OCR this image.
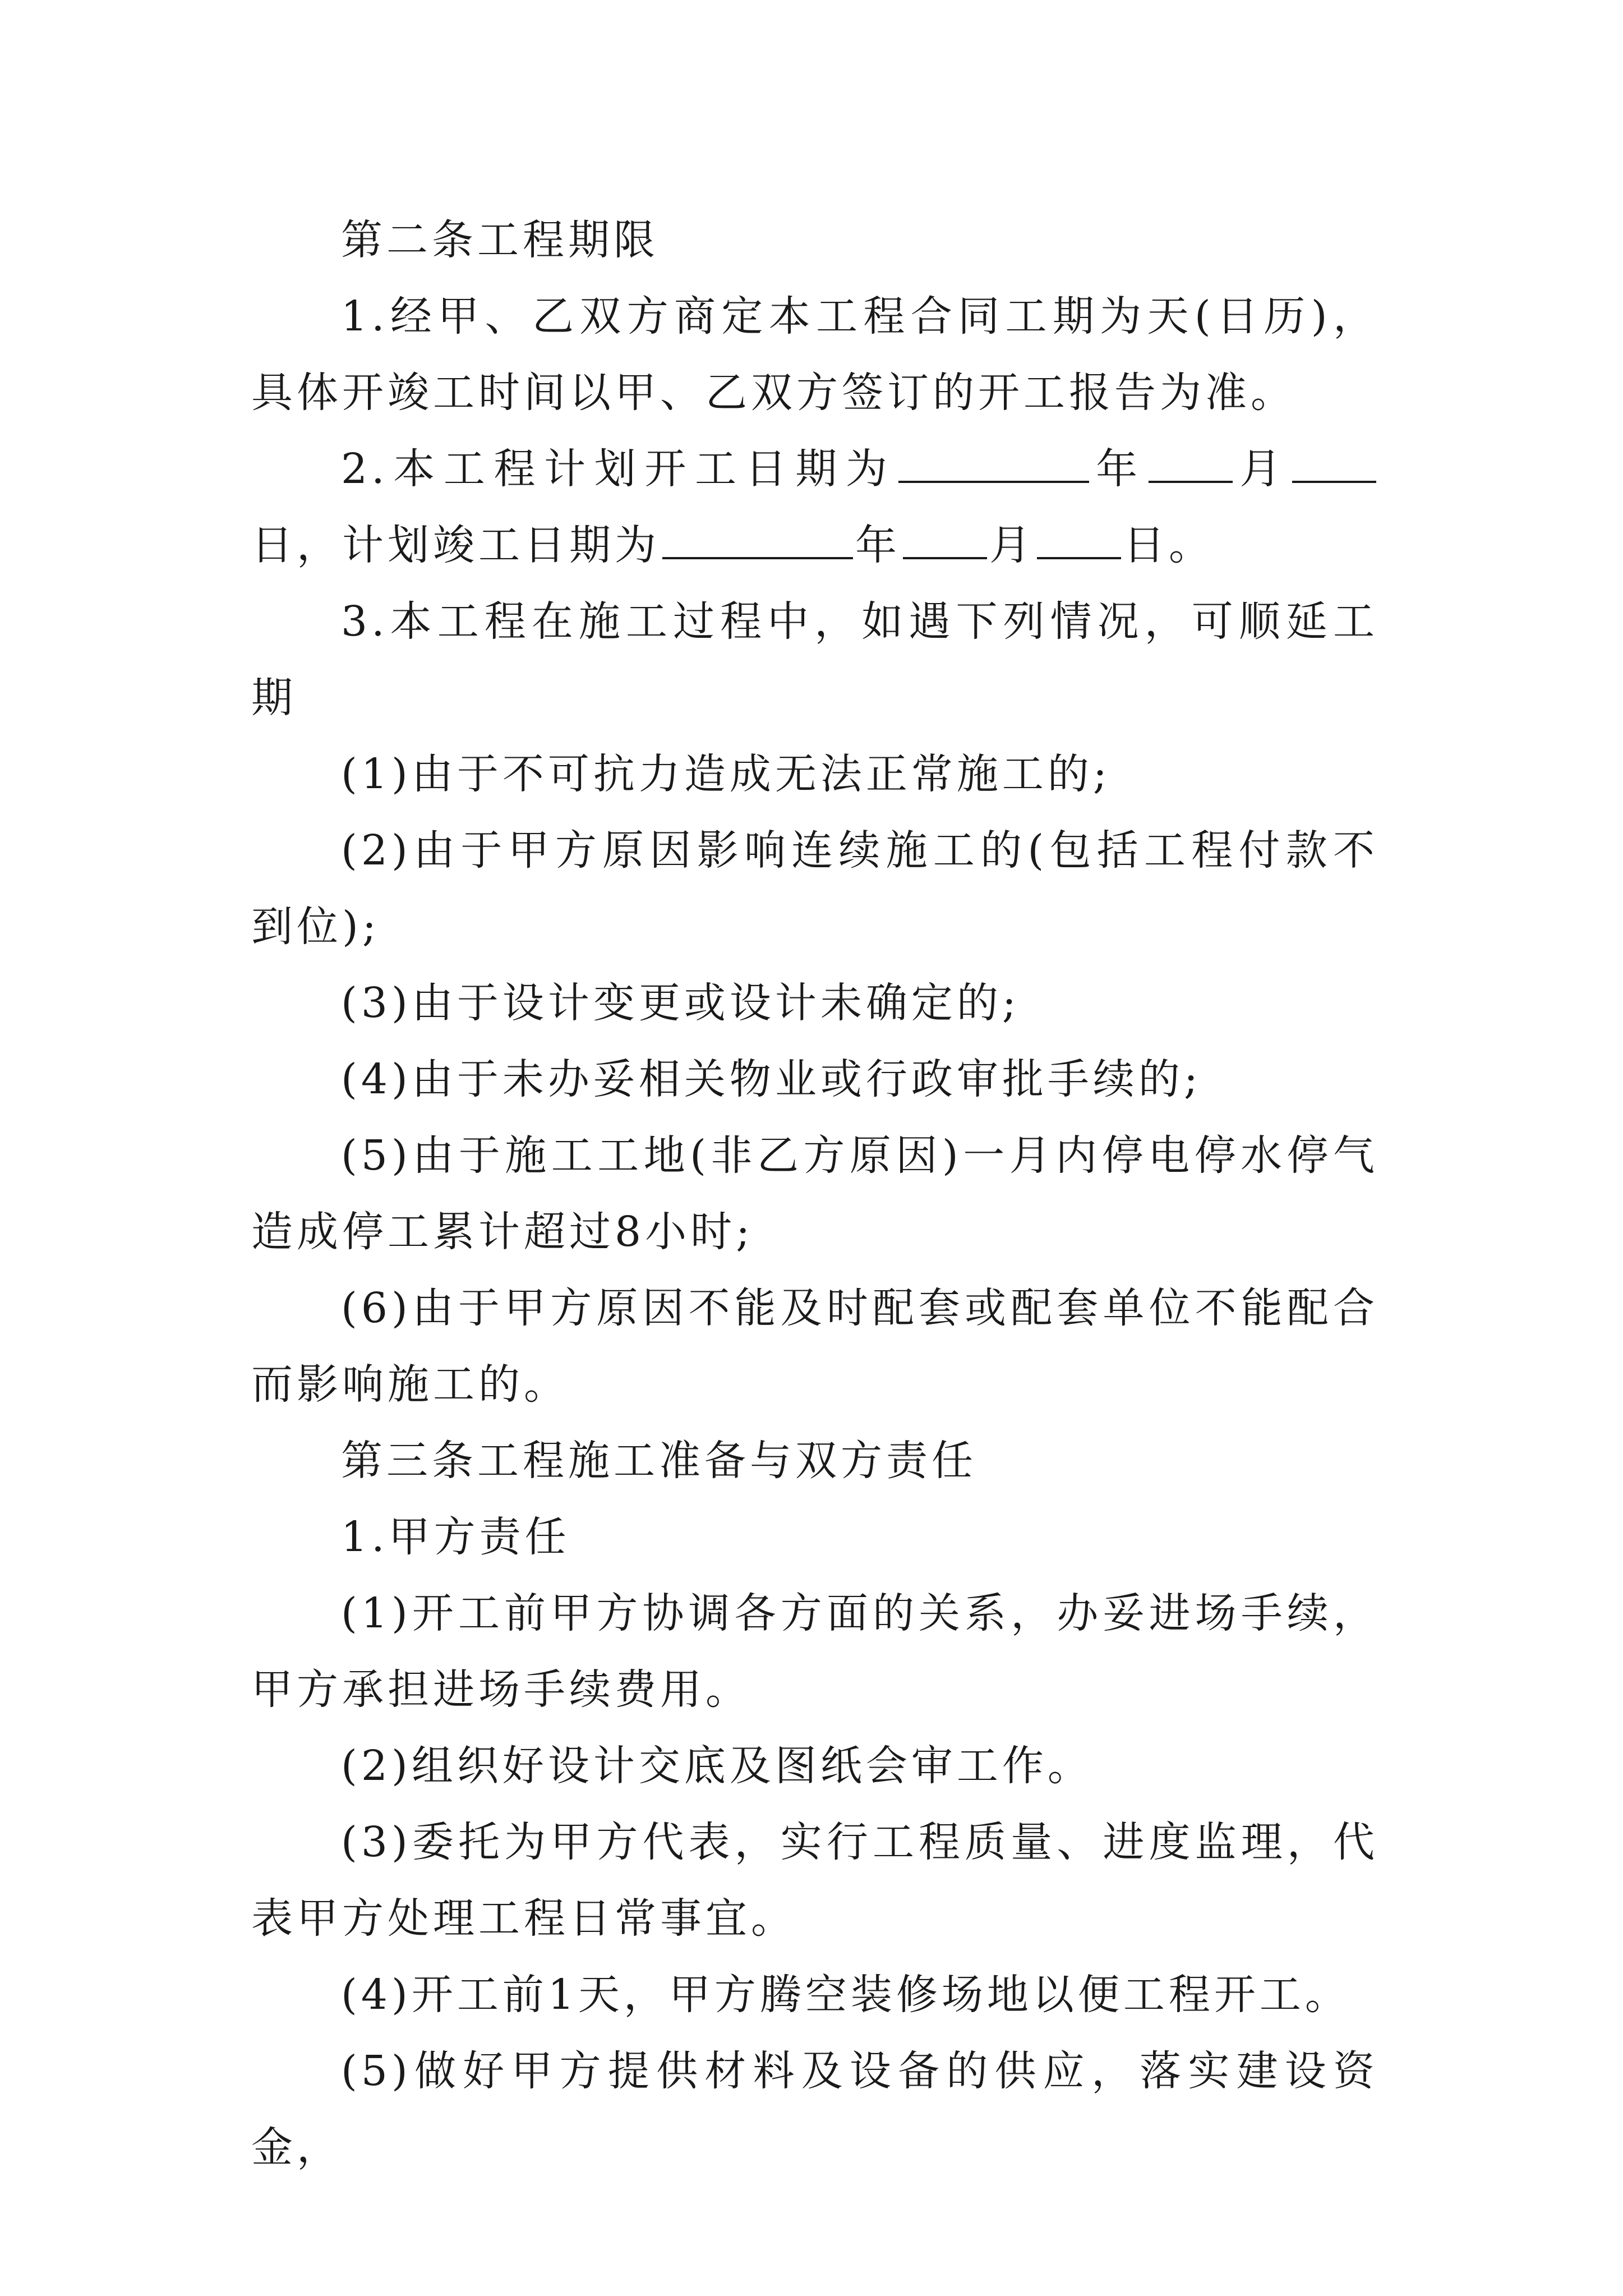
第二条工程期限

1.经甲、乙双方商定本工程合同工期为天(日历)，具体开竣工时间以甲、乙双方签订的开工报告为准。

2.本工程计划开工日期为	年 月日，计划竣工日期为	年 月 日。

3.本工程在施工过程中，如遇下列情况，可顺延工期

(1)由于不可抗力造成无法正常施工的;

(2)由于甲方原因影响连续施工的(包括工程付款不到位);

(3)由于设计变更或设计未确定的;

(4)由于未办妥相关物业或行政审批手续的;

(5)由于施工工地(非乙方原因)一月内停电停水停气造成停工累计超过8小时;

(6)由于甲方原因不能及时配套或配套单位不能配合而影响施工的。

第三条工程施工准备与双方责任

1.甲方责任

(1)开工前甲方协调各方面的关系，办妥进场手续，甲方承担进场手续费用。

(2)组织好设计交底及图纸会审工作。

(3)委托为甲方代表，实行工程质量、进度监理，代表甲方处理工程日常事宜。

(4)开工前1天，甲方腾空装修场地以便工程开工。

(5)做好甲方提供材料及设备的供应，落实建设资金，
